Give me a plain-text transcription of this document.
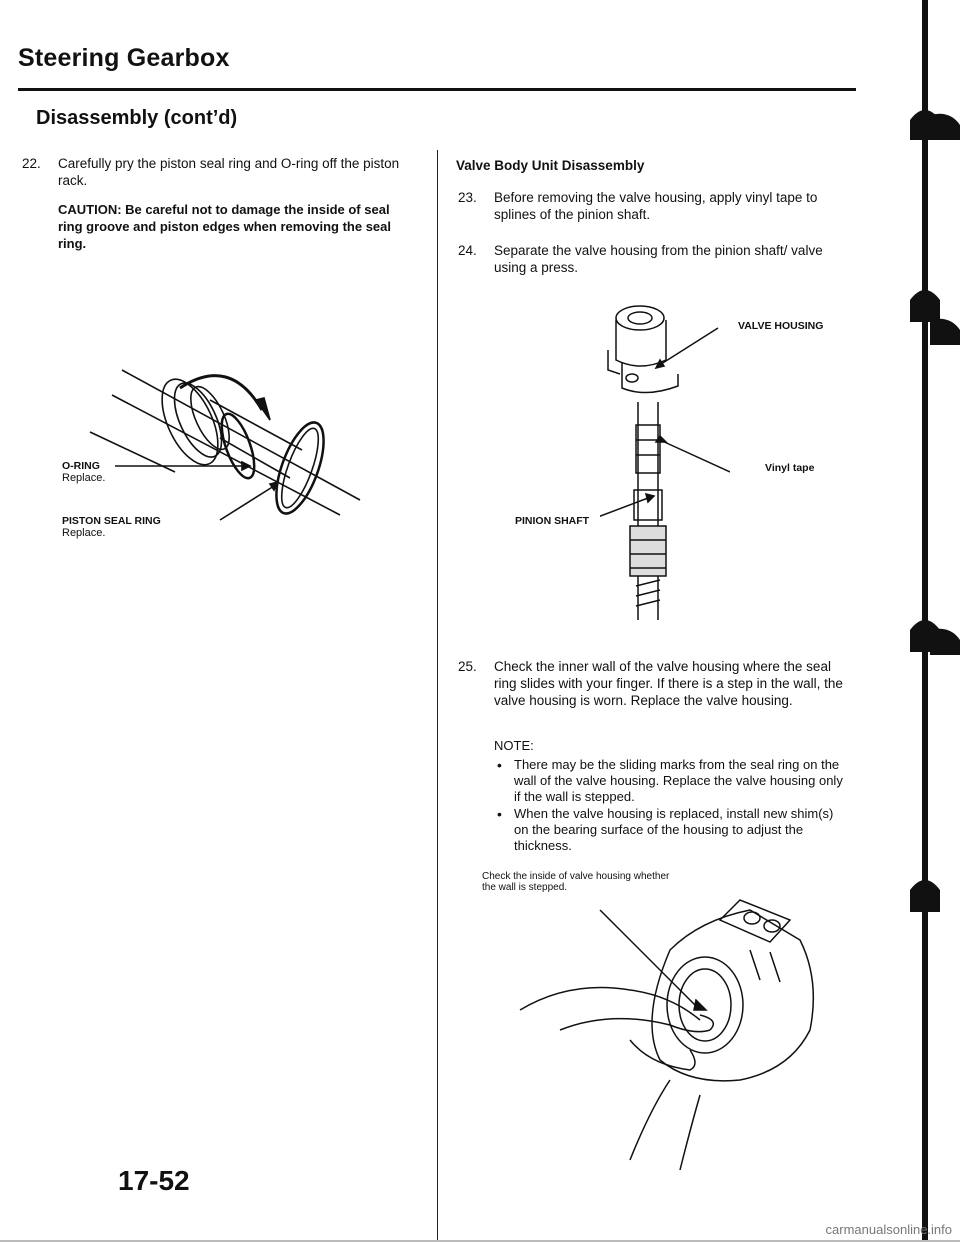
Steering Gearbox
Disassembly (cont’d)
22. Carefully pry the piston seal ring and O-ring off the piston rack.
CAUTION: Be careful not to damage the inside of seal ring groove and piston edges when removing the seal ring.
O-RING
Replace.
PISTON SEAL RING
Replace.
Valve Body Unit Disassembly
23. Before removing the valve housing, apply vinyl tape to splines of the pinion shaft.
24. Separate the valve housing from the pinion shaft/ valve using a press.
VALVE HOUSING
Vinyl tape
PINION SHAFT
25. Check the inner wall of the valve housing where the seal ring slides with your finger. If there is a step in the wall, the valve housing is worn. Replace the valve housing.
NOTE:
• There may be the sliding marks from the seal ring on the wall of the valve housing. Replace the valve housing only if the wall is stepped.
• When the valve housing is replaced, install new shim(s) on the bearing surface of the housing to adjust the thickness.
Check the inside of valve housing whether the wall is stepped.
17-52
carmanualsonline.info
